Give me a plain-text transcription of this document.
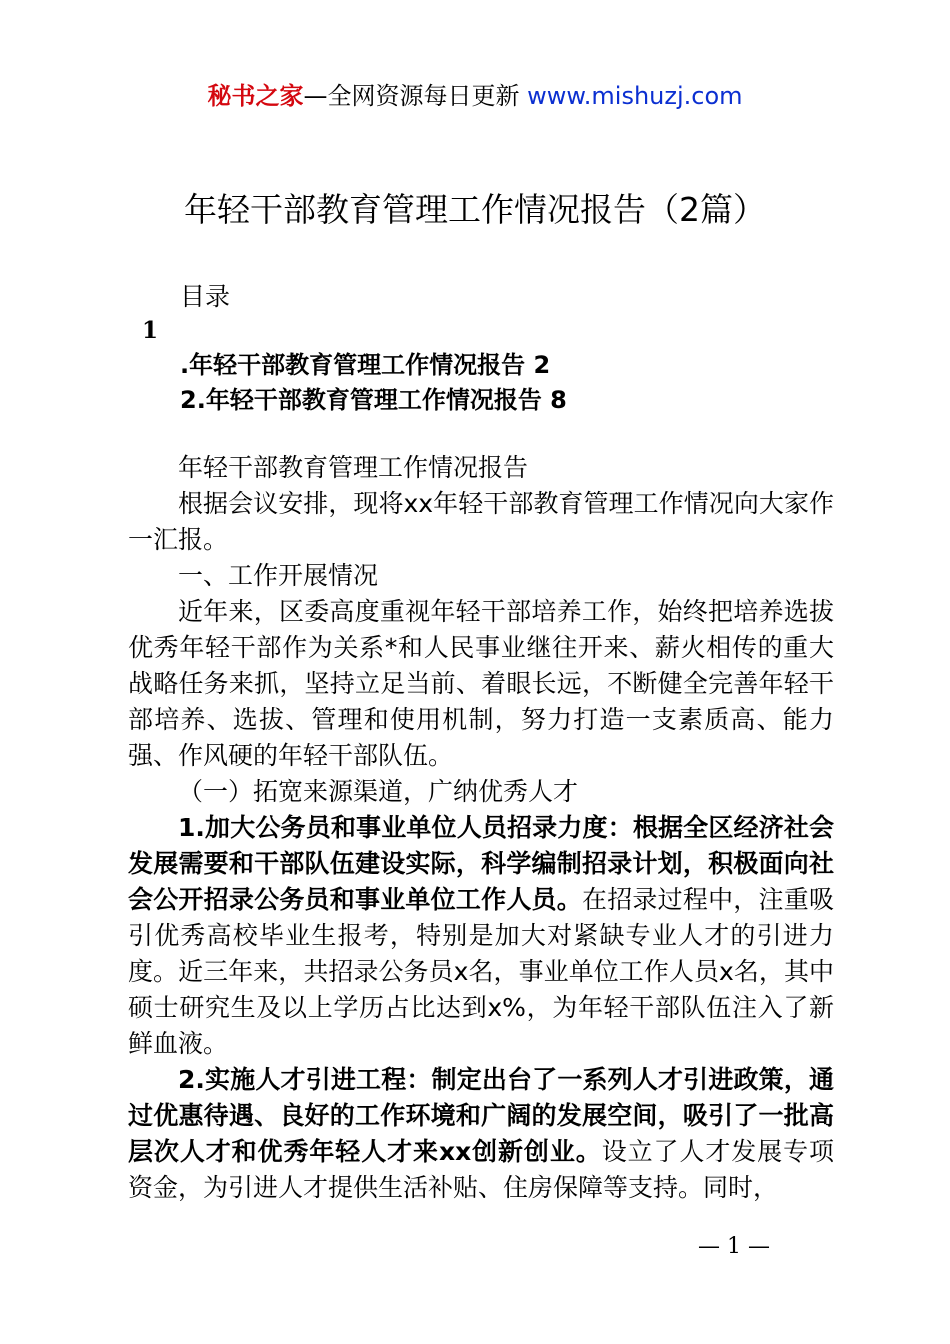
秘书之家—全网资源每日更新 www.mishuzj.com
年轻干部教育管理工作情况报告（2篇）
目录
1
.年轻干部教育管理工作情况报告 2
2.年轻干部教育管理工作情况报告 8

年轻干部教育管理工作情况报告

根据会议安排，现将xx年轻干部教育管理工作情况向大家作一汇报。

一、工作开展情况

近年来，区委高度重视年轻干部培养工作，始终把培养选拔优秀年轻干部作为关系*和人民事业继往开来、薪火相传的重大战略任务来抓，坚持立足当前、着眼长远，不断健全完善年轻干部培养、选拔、管理和使用机制，努力打造一支素质高、能力强、作风硬的年轻干部队伍。

（一）拓宽来源渠道，广纳优秀人才

1.加大公务员和事业单位人员招录力度：根据全区经济社会发展需要和干部队伍建设实际，科学编制招录计划，积极面向社会公开招录公务员和事业单位工作人员。在招录过程中，注重吸引优秀高校毕业生报考，特别是加大对紧缺专业人才的引进力度。近三年来，共招录公务员x名，事业单位工作人员x名，其中硕士研究生及以上学历占比达到x%，为年轻干部队伍注入了新鲜血液。

2.实施人才引进工程：制定出台了一系列人才引进政策，通过优惠待遇、良好的工作环境和广阔的发展空间，吸引了一批高层次人才和优秀年轻人才来xx创新创业。设立了人才发展专项资金，为引进人才提供生活补贴、住房保障等支持。同时，

— 1 —
